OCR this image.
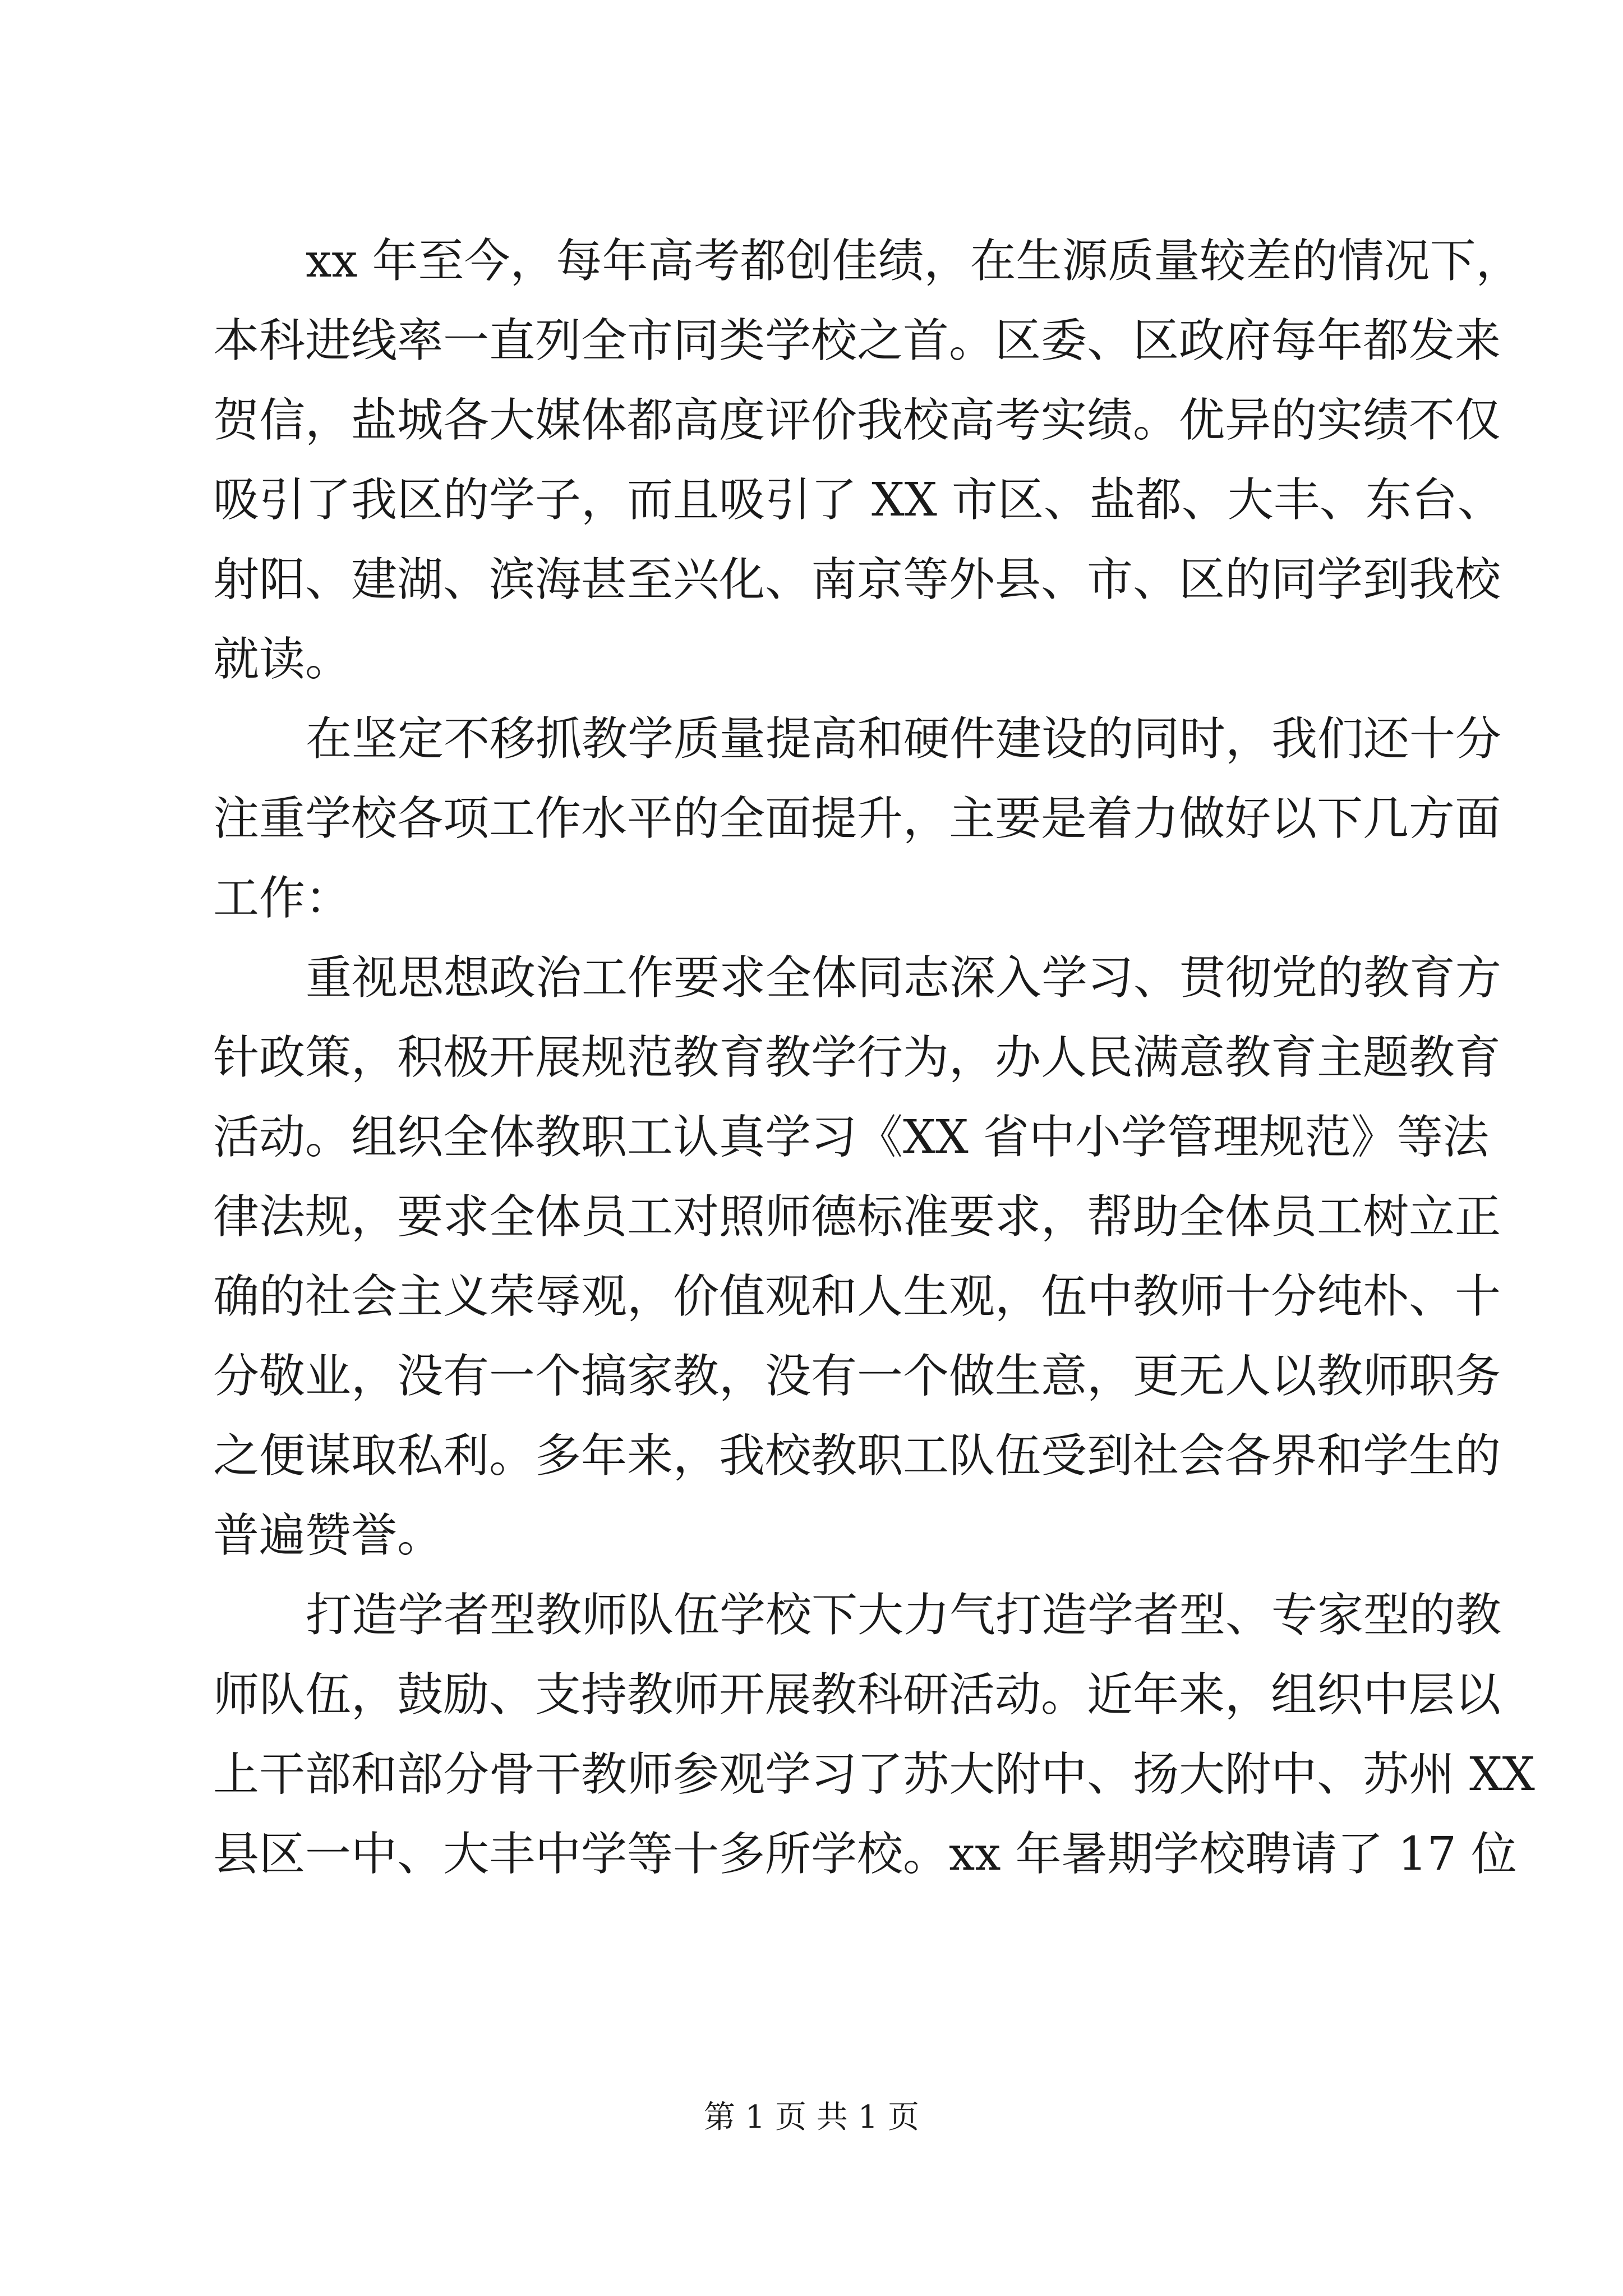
xx 年至今，每年高考都创佳绩，在生源质量较差的情况下，
本科进线率一直列全市同类学校之首。区委、区政府每年都发来
贺信，盐城各大媒体都高度评价我校高考实绩。优异的实绩不仅
吸引了我区的学子，而且吸引了 XX 市区、盐都、大丰、东台、
射阳、建湖、滨海甚至兴化、南京等外县、市、区的同学到我校
就读。
在坚定不移抓教学质量提高和硬件建设的同时，我们还十分
注重学校各项工作水平的全面提升，主要是着力做好以下几方面
工作：
重视思想政治工作要求全体同志深入学习、贯彻党的教育方
针政策，积极开展规范教育教学行为，办人民满意教育主题教育
活动。组织全体教职工认真学习《XX 省中小学管理规范》等法
律法规，要求全体员工对照师德标准要求，帮助全体员工树立正
确的社会主义荣辱观，价值观和人生观，伍中教师十分纯朴、十
分敬业，没有一个搞家教，没有一个做生意，更无人以教师职务
之便谋取私利。多年来，我校教职工队伍受到社会各界和学生的
普遍赞誉。
打造学者型教师队伍学校下大力气打造学者型、专家型的教
师队伍，鼓励、支持教师开展教科研活动。近年来，组织中层以
上干部和部分骨干教师参观学习了苏大附中、扬大附中、苏州 XX
县区一中、大丰中学等十多所学校。xx 年暑期学校聘请了 17 位
第 1 页 共 1 页
